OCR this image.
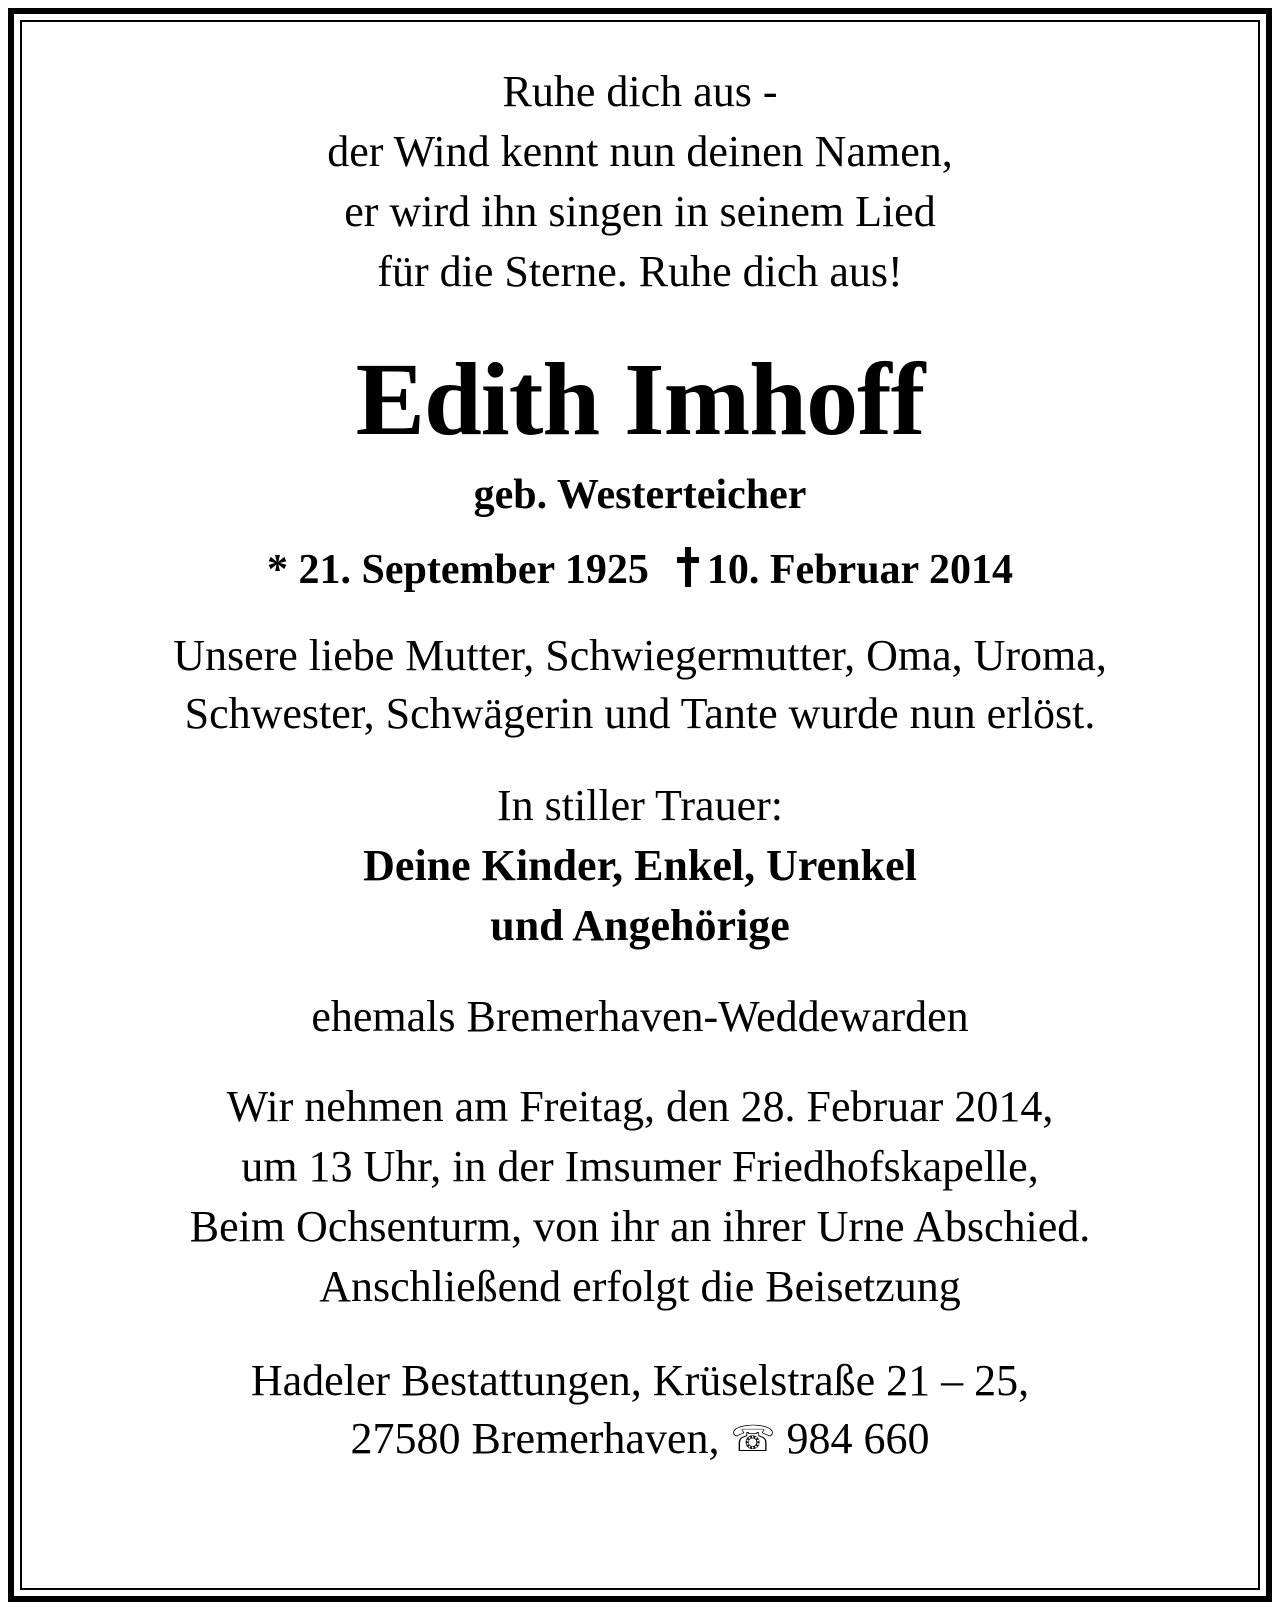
Ruhe dich aus -
der Wind kennt nun deinen Namen,
er wird ihn singen in seinem Lied
für die Sterne. Ruhe dich aus!
Edith Imhoff
geb. Westerteicher
* 21. September 1925 10. Februar 2014
Unsere liebe Mutter, Schwiegermutter, Oma, Uroma,
Schwester, Schwägerin und Tante wurde nun erlöst.
In stiller Trauer:
Deine Kinder, Enkel, Urenkel
und Angehörige
ehemals Bremerhaven-Weddewarden
Wir nehmen am Freitag, den 28. Februar 2014,
um 13 Uhr, in der Imsumer Friedhofskapelle,
Beim Ochsenturm, von ihr an ihrer Urne Abschied.
Anschließend erfolgt die Beisetzung
Hadeler Bestattungen, Krüselstraße 21 – 25,
27580 Bremerhaven, ☏ 984 660
